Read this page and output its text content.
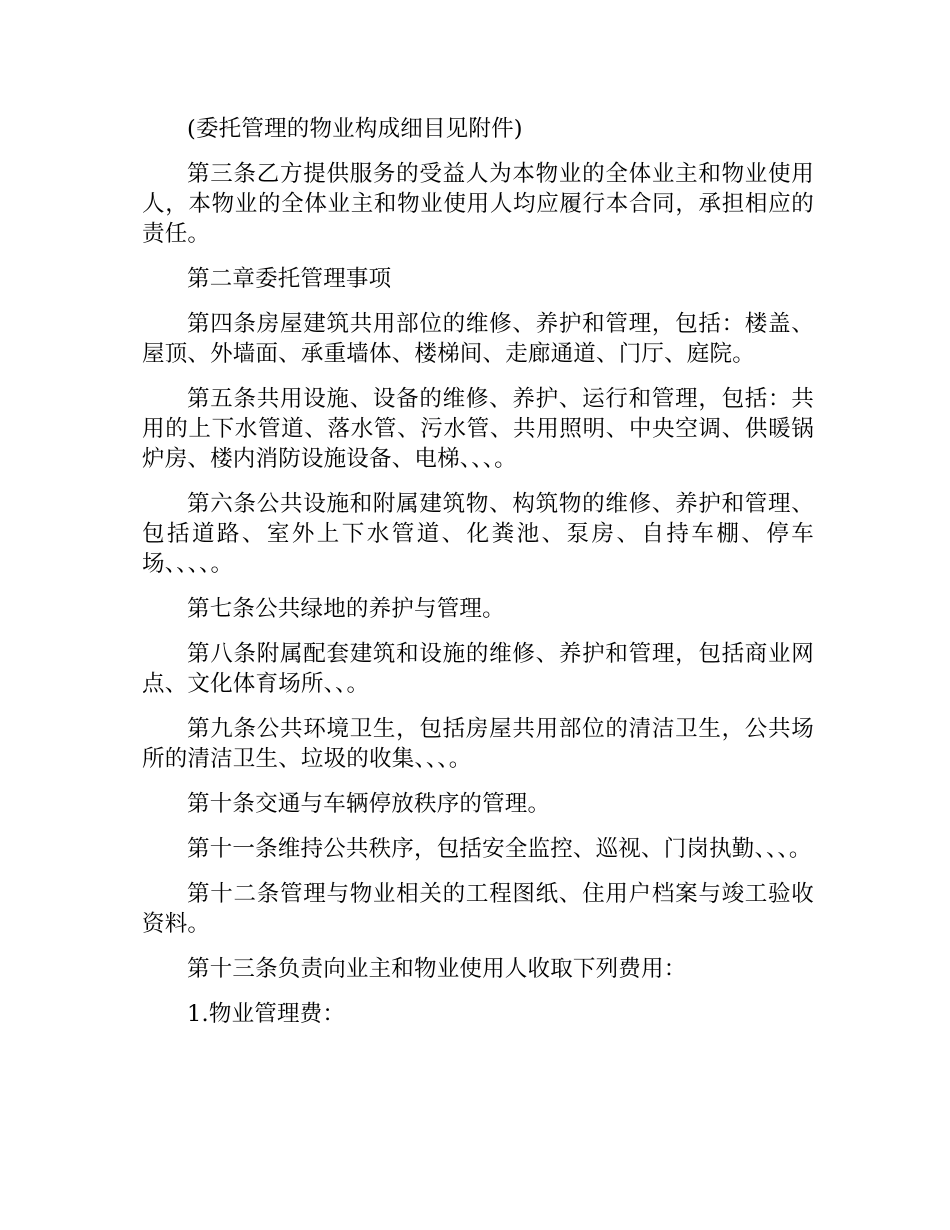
(委托管理的物业构成细目见附件)

第三条乙方提供服务的受益人为本物业的全体业主和物业使用人，本物业的全体业主和物业使用人均应履行本合同，承担相应的责任。

第二章委托管理事项

第四条房屋建筑共用部位的维修、养护和管理，包括：楼盖、屋顶、外墙面、承重墙体、楼梯间、走廊通道、门厅、庭院。

第五条共用设施、设备的维修、养护、运行和管理，包括：共用的上下水管道、落水管、污水管、共用照明、中央空调、供暖锅炉房、楼内消防设施设备、电梯、、、。

第六条公共设施和附属建筑物、构筑物的维修、养护和管理、包括道路、室外上下水管道、化粪池、泵房、自持车棚、停车场、、、、。

第七条公共绿地的养护与管理。

第八条附属配套建筑和设施的维修、养护和管理，包括商业网点、文化体育场所、、。

第九条公共环境卫生，包括房屋共用部位的清洁卫生，公共场所的清洁卫生、垃圾的收集、、、。

第十条交通与车辆停放秩序的管理。

第十一条维持公共秩序，包括安全监控、巡视、门岗执勤、、、。

第十二条管理与物业相关的工程图纸、住用户档案与竣工验收资料。

第十三条负责向业主和物业使用人收取下列费用：

1.物业管理费：
